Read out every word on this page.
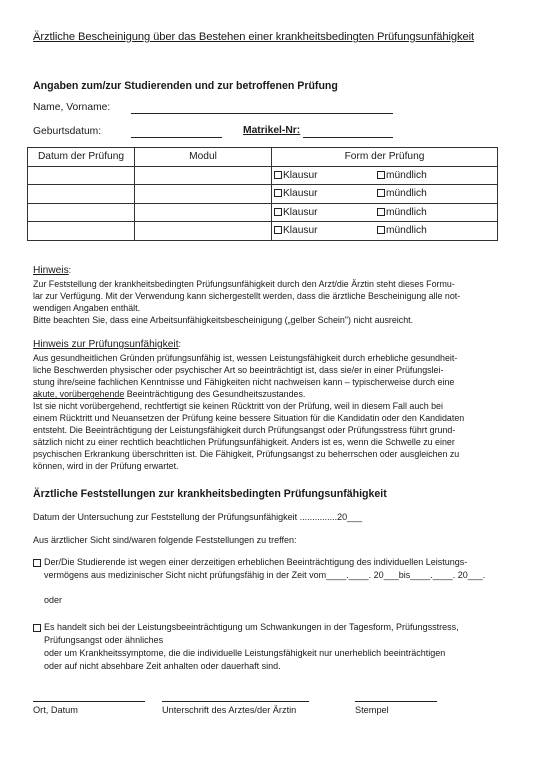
Ärztliche Bescheinigung über das Bestehen einer krankheitsbedingten Prüfungsunfähigkeit
Angaben zum/zur Studierenden und zur betroffenen Prüfung
Name, Vorname:
Geburtsdatum:	Matrikel-Nr:
Datum der Prüfung	Modul	Form der Prüfung
		Klausur mündlich
		Klausur mündlich
		Klausur mündlich
		Klausur mündlich

Hinweis:

Zur Feststellung der krankheitsbedingten Prüfungsunfähigkeit durch den Arzt/die Ärztin steht dieses Formu-

lar zur Verfügung. Mit der Verwendung kann sichergestellt werden, dass die ärztliche Bescheinigung alle not-

wendigen Angaben enthält.

Bitte beachten Sie, dass eine Arbeitsunfähigkeitsbescheinigung („gelber Schein") nicht ausreicht.

Hinweis zur Prüfungsunfähigkeit:

Aus gesundheitlichen Gründen prüfungsunfähig ist, wessen Leistungsfähigkeit durch erhebliche gesundheit-

liche Beschwerden physischer oder psychischer Art so beeinträchtigt ist, dass sie/er in einer Prüfungslei-

stung ihre/seine fachlichen Kenntnisse und Fähigkeiten nicht nachweisen kann – typischerweise durch eine

akute, vorübergehende Beeinträchtigung des Gesundheitszustandes.

Ist sie nicht vorübergehend, rechtfertigt sie keinen Rücktritt von der Prüfung, weil in diesem Fall auch bei

einem Rücktritt und Neuansetzen der Prüfung keine bessere Situation für die Kandidatin oder den Kandidaten

entsteht. Die Beeinträchtigung der Leistungsfähigkeit durch Prüfungsangst oder Prüfungsstress führt grund-

sätzlich nicht zu einer rechtlich beachtlichen Prüfungsunfähigkeit. Anders ist es, wenn die Schwelle zu einer

psychischen Erkrankung überschritten ist. Die Fähigkeit, Prüfungsangst zu beherrschen oder ausgleichen zu

können, wird in der Prüfung erwartet.

Ärztliche Feststellungen zur krankheitsbedingten Prüfungsunfähigkeit
Datum der Untersuchung zur Feststellung der Prüfungsunfähigkeit ...............20___
Aus ärztlicher Sicht sind/waren folgende Feststellungen zu treffen:
Der/Die Studierende ist wegen einer derzeitigen erheblichen Beeinträchtigung des individuellen Leistungs-
vermögens aus medizinischer Sicht nicht prüfungsfähig in der Zeit vom____.____. 20___bis____.____. 20___.
oder
Es handelt sich bei der Leistungsbeeinträchtigung um Schwankungen in der Tagesform, Prüfungsstress,
Prüfungsangst oder ähnliches
oder um Krankheitssymptome, die die individuelle Leistungsfähigkeit nur unerheblich beeinträchtigen
oder auf nicht absehbare Zeit anhalten oder dauerhaft sind.
Ort, Datum	Unterschrift des Arztes/der Ärztin	Stempel
